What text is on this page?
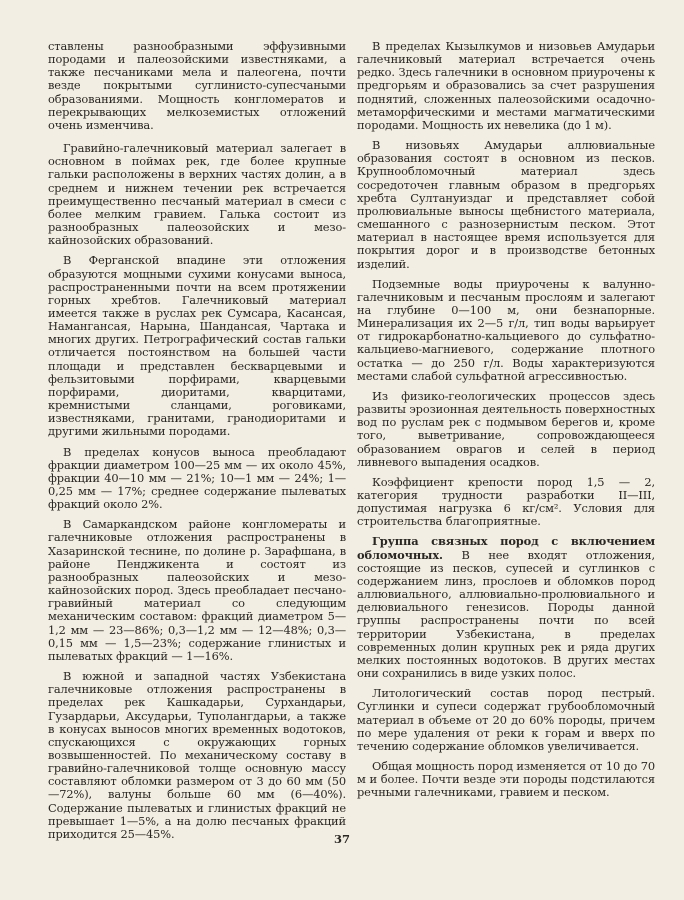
ставлены разнообразными эффузивными породами и палеозойскими известняками, а также песчаниками мела и палеогена, почти везде покрытыми суглинисто-супесчаными образованиями. Мощность конгломератов и перекрывающих мелкоземистых отложений очень изменчива.

Гравийно-галечниковый материал залегает в основном в поймах рек, где более крупные гальки расположены в верхних частях долин, а в среднем и нижнем течении рек встречается преимущественно песчаный материал в смеси с более мелким гравием. Галька состоит из разнообразных палеозойских и мезо-кайнозойских образований.

В Ферганской впадине эти отложения образуются мощными сухими конусами выноса, распространенными почти на всем протяжении горных хребтов. Галечниковый материал имеется также в руслах рек Сумсара, Касансая, Намангансая, Нарына, Шандансая, Чартака и многих других. Петрографический состав гальки отличается постоянством на большей части площади и представлен бескварцевыми и фельзитовыми порфирами, кварцевыми порфирами, диоритами, кварцитами, кремнистыми сланцами, роговиками, известняками, гранитами, гранодиоритами и другими жильными породами.

В пределах конусов выноса преобладают фракции диаметром 100—25 мм — их около 45%, фракции 40—10 мм — 21%; 10—1 мм — 24%; 1—0,25 мм — 17%; среднее содержание пылеватых фракций около 2%.

В Самаркандском районе конгломераты и галечниковые отложения распространены в Хазаринской теснине, по долине р. Зарафшана, в районе Пенджикента и состоят из разнообразных палеозойских и мезо-кайнозойских пород. Здесь преобладает песчано-гравийный материал со следующим механическим составом: фракций диаметром 5—1,2 мм — 23—86%; 0,3—1,2 мм — 12—48%; 0,3—0,15 мм — 1,5—23%; содержание глинистых и пылеватых фракций — 1—16%.

В южной и западной частях Узбекистана галечниковые отложения распространены в пределах рек Кашкадарьи, Сурхандарьи, Гузардарьи, Аксударьи, Туполангдарьи, а также в конусах выносов многих временных водотоков, спускающихся с окружающих горных возвышенностей. По механическому составу в гравийно-галечниковой толще основную массу составляют обломки размером от 3 до 60 мм (50—72%), валуны больше 60 мм (6—40%). Содержание пылеватых и глинистых фракций не превышает 1—5%, а на долю песчаных фракций приходится 25—45%.

В пределах Кызылкумов и низовьев Амударьи галечниковый материал встречается очень редко. Здесь галечники в основном приурочены к предгорьям и образовались за счет разрушения поднятий, сложенных палеозойскими осадочно-метаморфическими и местами магматическими породами. Мощность их невелика (до 1 м).

В низовьях Амударьи аллювиальные образования состоят в основном из песков. Крупнообломочный материал здесь сосредоточен главным образом в предгорьях хребта Султануиздаг и представляет собой пролювиальные выносы щебнистого материала, смешанного с разнозернистым песком. Этот материал в настоящее время используется для покрытия дорог и в производстве бетонных изделий.

Подземные воды приурочены к валунно-галечниковым и песчаным прослоям и залегают на глубине 0—100 м, они безнапорные. Минерализация их 2—5 г/л, тип воды варьирует от гидрокарбонатно-кальциевого до сульфатно-кальциево-магниевого, содержание плотного остатка — до 250 г/л. Воды характеризуются местами слабой сульфатной агрессивностью.

Из физико-геологических процессов здесь развиты эрозионная деятельность поверхностных вод по руслам рек с подмывом берегов и, кроме того, выветривание, сопровождающееся образованием оврагов и селей в период ливневого выпадения осадков.

Коэффициент крепости пород 1,5 — 2, категория трудности разработки II—III, допустимая нагрузка 6 кг/см². Условия для строительства благоприятные.

Группа связных пород с включением обломочных. В нее входят отложения, состоящие из песков, супесей и суглинков с содержанием линз, прослоев и обломков пород аллювиального, аллювиально-пролювиального и делювиального генезисов. Породы данной группы распространены почти по всей территории Узбекистана, в пределах современных долин крупных рек и ряда других мелких постоянных водотоков. В других местах они сохранились в виде узких полос.

Литологический состав пород пестрый. Суглинки и супеси содержат грубообломочный материал в объеме от 20 до 60% породы, причем по мере удаления от реки к горам и вверх по течению содержание обломков увеличивается.

Общая мощность пород изменяется от 10 до 70 м и более. Почти везде эти породы подстилаются речными галечниками, гравием и песком.

37
